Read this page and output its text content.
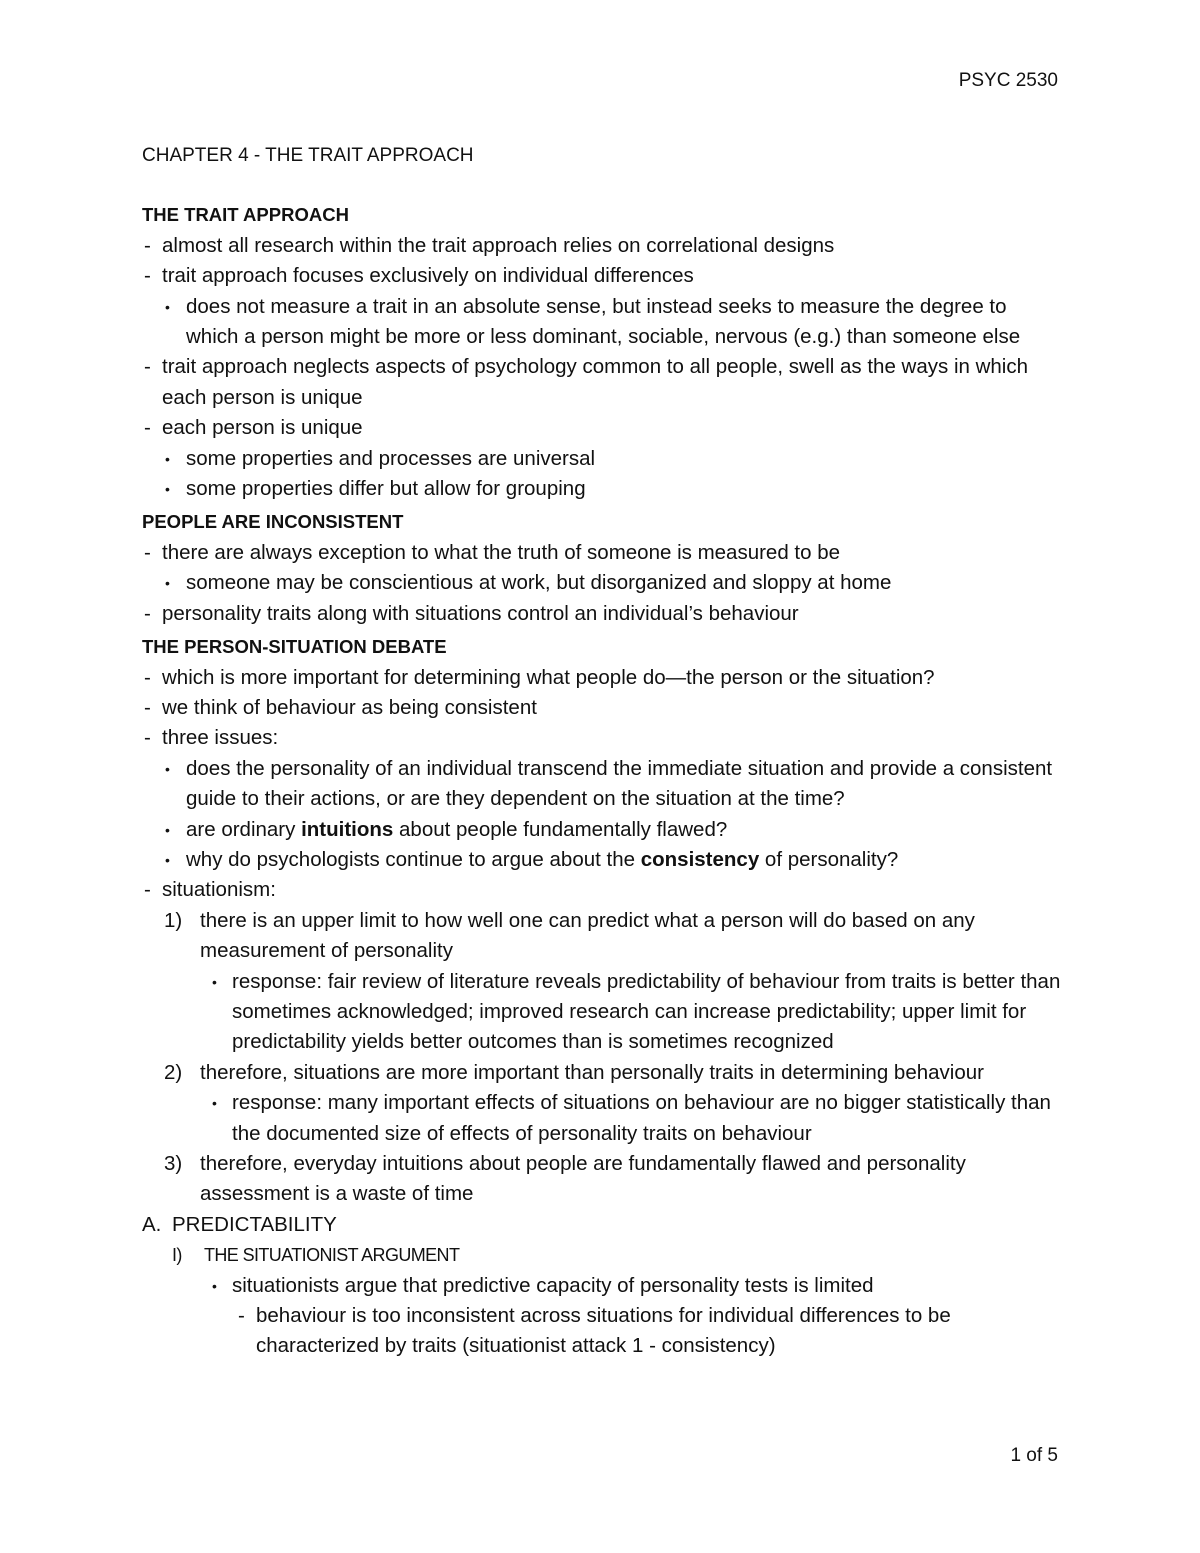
PSYC 2530
CHAPTER 4 - THE TRAIT APPROACH
THE TRAIT APPROACH
- almost all research within the trait approach relies on correlational designs
- trait approach focuses exclusively on individual differences
• does not measure a trait in an absolute sense, but instead seeks to measure the degree to which a person might be more or less dominant, sociable, nervous (e.g.) than someone else
- trait approach neglects aspects of psychology common to all people, swell as the ways in which each person is unique
- each person is unique
• some properties and processes are universal
• some properties differ but allow for grouping
PEOPLE ARE INCONSISTENT
- there are always exception to what the truth of someone is measured to be
• someone may be conscientious at work, but disorganized and sloppy at home
- personality traits along with situations control an individual’s behaviour
THE PERSON-SITUATION DEBATE
- which is more important for determining what people do—the person or the situation?
- we think of behaviour as being consistent
- three issues:
• does the personality of an individual transcend the immediate situation and provide a consistent guide to their actions, or are they dependent on the situation at the time?
• are ordinary intuitions about people fundamentally flawed?
• why do psychologists continue to argue about the consistency of personality?
- situationism:
1) there is an upper limit to how well one can predict what a person will do based on any measurement of personality
• response: fair review of literature reveals predictability of behaviour from traits is better than sometimes acknowledged; improved research can increase predictability; upper limit for predictability yields better outcomes than is sometimes recognized
2) therefore, situations are more important than personally traits in determining behaviour
• response: many important effects of situations on behaviour are no bigger statistically than the documented size of effects of personality traits on behaviour
3) therefore, everyday intuitions about people are fundamentally flawed and personality assessment is a waste of time
A. PREDICTABILITY
I) THE SITUATIONIST ARGUMENT
• situationists argue that predictive capacity of personality tests is limited
- behaviour is too inconsistent across situations for individual differences to be characterized by traits (situationist attack 1 - consistency)
1 of 5
